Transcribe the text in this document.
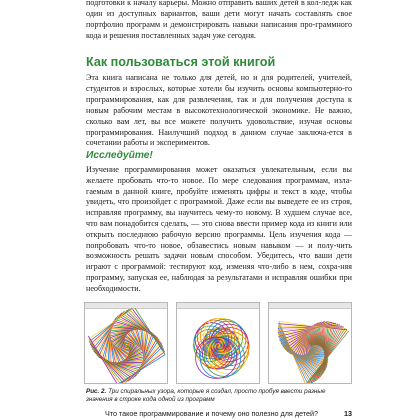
подготовки к началу карьеры. Можно отправить ваших детей в кол-ледж как один из доступных вариантов, ваши дети могут начать составлять свое портфолио программ и демонстрировать навыки написания про-граммного кода и решения поставленных задач уже сегодня.

Как пользоваться этой книгой

Эта книга написана не только для детей, но и для родителей, учителей, студентов и взрослых, которые хотели бы изучить основы компьютерно-го программирования, как для развлечения, так и для получения доступа к новым рабочим местам в высокотехнологической экономике. Не важно, сколько вам лет, вы все можете получить удовольствие, изучая основы программирования. Наилучший подход в данном случае заключа-ется в сочетании работы и экспериментов.

Исследуйте!

Изучение программирования может оказаться увлекательным, если вы желаете пробовать что-то новое. По мере следования программам, изла-гаемым в данной книге, пробуйте изменять цифры и текст в коде, чтобы увидеть, что произойдет с программой. Даже если вы выведете ее из строя, исправляя программу, вы научитесь чему-то новому. В худшем случае все, что вам понадобится сделать, — это снова ввести пример кода из книги или открыть последнюю рабочую версию программы. Цель изучения кода — попробовать что-то новое, обзавестись новым навыком — и полу-чить возможность решать задачи новым способом. Убедитесь, что ваши дети играют с программой: тестируют код, изменяя что-либо в нем, сохра-няя программу, запуская ее, наблюдая за результатами и исправляя ошибки при необходимости.

Рис. 2. Три спиральных узора, которые я создал, просто пробуя ввести разные значения в строке кода одной из программ

Что такое программирование и почему оно полезно для детей?	13
